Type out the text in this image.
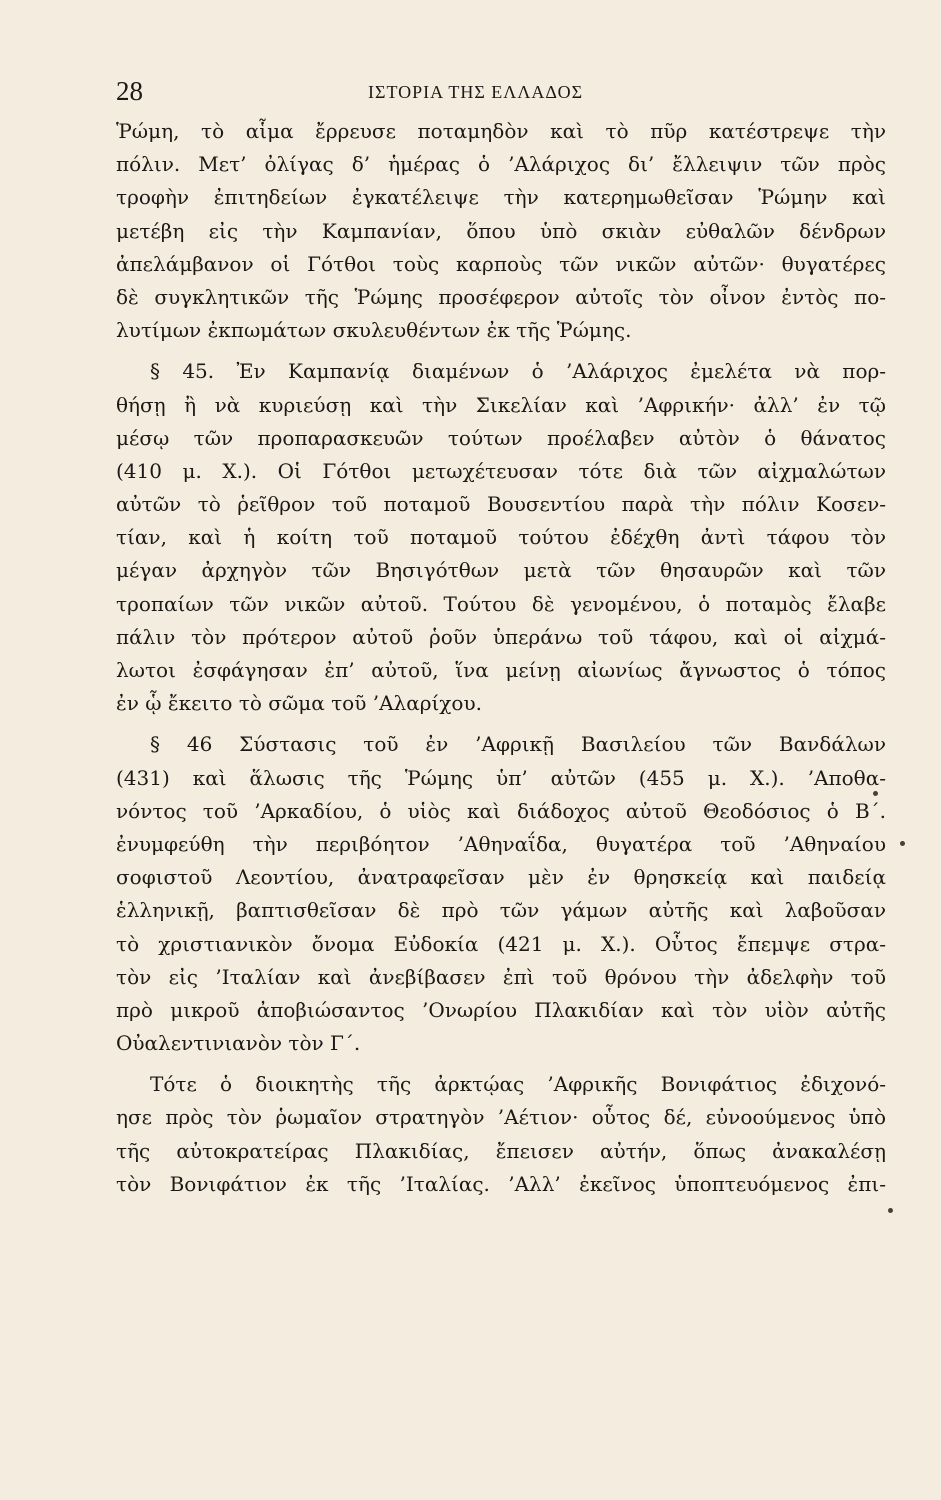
28	ΙΣΤΟΡΙΑ ΤΗΣ ΕΛΛΑΔΟΣ
Ῥώμη, τὸ αἷμα ἔρρευσε ποταμηδὸν καὶ τὸ πῦρ κατέστρεψε τὴν
πόλιν. Μετ’ ὀλίγας δ’ ἡμέρας ὁ ’Αλάριχος δι’ ἔλλειψιν τῶν πρὸς
τροφὴν ἐπιτηδείων ἐγκατέλειψε τὴν κατερημωθεῖσαν Ῥώμην καὶ
μετέβη εἰς τὴν Καμπανίαν, ὅπου ὑπὸ σκιὰν εὐθαλῶν δένδρων
ἀπελάμβανον οἱ Γότθοι τοὺς καρποὺς τῶν νικῶν αὐτῶν· θυγατέρες
δὲ συγκλητικῶν τῆς Ῥώμης προσέφερον αὐτοῖς τὸν οἶνον ἐντὸς πο-
λυτίμων ἐκπωμάτων σκυλευθέντων ἐκ τῆς Ῥώμης.
§ 45. Ἐν Καμπανίᾳ διαμένων ὁ ’Αλάριχος ἐμελέτα νὰ πορ-
θήσῃ ἢ νὰ κυριεύσῃ καὶ τὴν Σικελίαν καὶ ’Αφρικήν· ἀλλ’ ἐν τῷ
μέσῳ τῶν προπαρασκευῶν τούτων προέλαβεν αὐτὸν ὁ θάνατος
(410 μ. Χ.). Οἱ Γότθοι μετωχέτευσαν τότε διὰ τῶν αἰχμαλώτων
αὐτῶν τὸ ῥεῖθρον τοῦ ποταμοῦ Βουσεντίου παρὰ τὴν πόλιν Κοσεν-
τίαν, καὶ ἡ κοίτη τοῦ ποταμοῦ τούτου ἐδέχθη ἀντὶ τάφου τὸν
μέγαν ἀρχηγὸν τῶν Βησιγότθων μετὰ τῶν θησαυρῶν καὶ τῶν
τροπαίων τῶν νικῶν αὐτοῦ. Τούτου δὲ γενομένου, ὁ ποταμὸς ἔλαβε
πάλιν τὸν πρότερον αὐτοῦ ῥοῦν ὑπεράνω τοῦ τάφου, καὶ οἱ αἰχμά-
λωτοι ἐσφάγησαν ἐπ’ αὐτοῦ, ἵνα μείνῃ αἰωνίως ἄγνωστος ὁ τόπος
ἐν ᾧ ἔκειτο τὸ σῶμα τοῦ ’Αλαρίχου.
§ 46 Σύστασις τοῦ ἐν ’Αφρικῇ Βασιλείου τῶν Βανδάλων
(431) καὶ ἅλωσις τῆς Ῥώμης ὑπ’ αὐτῶν (455 μ. Χ.). ’Αποθα-
νόντος τοῦ ’Αρκαδίου, ὁ υἱὸς καὶ διάδοχος αὐτοῦ Θεοδόσιος ὁ Β΄.
ἐνυμφεύθη τὴν περιβόητον ’Αθηναΐδα, θυγατέρα τοῦ ’Αθηναίου
σοφιστοῦ Λεοντίου, ἀνατραφεῖσαν μὲν ἐν θρησκείᾳ καὶ παιδείᾳ
ἑλληνικῇ, βαπτισθεῖσαν δὲ πρὸ τῶν γάμων αὐτῆς καὶ λαβοῦσαν
τὸ χριστιανικὸν ὄνομα Εὐδοκία (421 μ. Χ.). Οὗτος ἔπεμψε στρα-
τὸν εἰς ’Ιταλίαν καὶ ἀνεβίβασεν ἐπὶ τοῦ θρόνου τὴν ἀδελφὴν τοῦ
πρὸ μικροῦ ἀποβιώσαντος ’Ονωρίου Πλακιδίαν καὶ τὸν υἱὸν αὐτῆς
Οὐαλεντινιανὸν τὸν Γ΄.
Τότε ὁ διοικητὴς τῆς ἀρκτῴας ’Αφρικῆς Βονιφάτιος ἐδιχονό-
ησε πρὸς τὸν ῥωμαῖον στρατηγὸν ’Αέτιον· οὗτος δέ, εὐνοούμενος ὑπὸ
τῆς αὐτοκρατείρας Πλακιδίας, ἔπεισεν αὐτήν, ὅπως ἀνακαλέσῃ
τὸν Βονιφάτιον ἐκ τῆς ’Ιταλίας. ’Αλλ’ ἐκεῖνος ὑποπτευόμενος ἐπι-
